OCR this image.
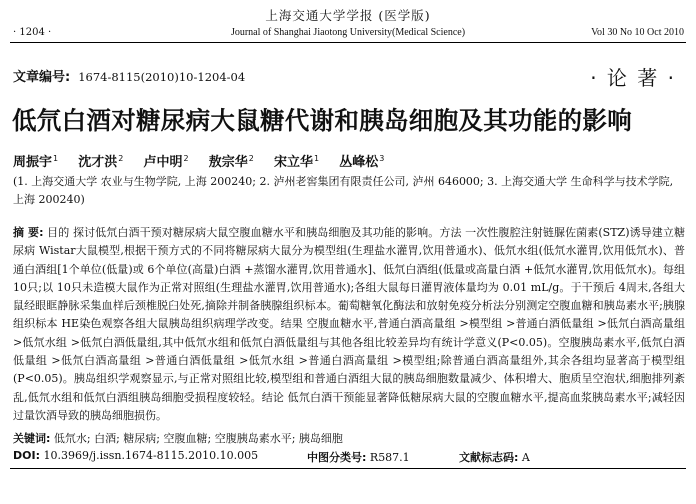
上海交通大学学报 (医学版)
· 1204 ·	Journal of Shanghai Jiaotong University(Medical Science)	Vol 30 No 10 Oct 2010
文章编号: 1674-8115(2010)10-1204-04	· 论 著 ·
低氘白酒对糖尿病大鼠糖代谢和胰岛细胞及其功能的影响
周振宇$^1$ 沈才洪$^2$ 卢中明$^2$ 敖宗华$^2$ 宋立华$^1$ 丛峰松$^3$
(1. 上海交通大学 农业与生物学院, 上海 200240; 2. 泸州老窖集团有限责任公司, 泸州 646000; 3. 上海交通大学 生命科学与技术学院, 上海 200240)
摘 要: 目的 探讨低氘白酒干预对糖尿病大鼠空腹血糖水平和胰岛细胞及其功能的影响。方法 一次性腹腔注射链脲佐菌素(STZ)诱导建立糖尿病 Wistar大鼠模型,根据干预方式的不同将糖尿病大鼠分为模型组(生理盐水灌胃,饮用普通水)、低氘水组(低氘水灌胃,饮用低氘水)、普通白酒组[1个单位(低量)或 6个单位(高量)白酒 +蒸馏水灌胃,饮用普通水]、低氘白酒组(低量或高量白酒 +低氘水灌胃,饮用低氘水)。每组 10只;以 10只未造模大鼠作为正常对照组(生理盐水灌胃,饮用普通水);各组大鼠每日灌胃液体量均为 0.01 mL/g。于干预后 4周末,各组大鼠经眼眶静脉采集血样后颈椎脱臼处死,摘除并制备胰腺组织标本。葡萄糖氧化酶法和放射免疫分析法分别测定空腹血糖和胰岛素水平;胰腺组织标本 HE染色观察各组大鼠胰岛组织病理学改变。结果 空腹血糖水平,普通白酒高量组 >模型组 >普通白酒低量组 >低氘白酒高量组 >低氘水组 >低氘白酒低量组,其中低氘水组和低氘白酒低量组与其他各组比较差异均有统计学意义(P<0.05)。空腹胰岛素水平,低氘白酒低量组 >低氘白酒高量组 >普通白酒低量组 >低氘水组 >普通白酒高量组 >模型组;除普通白酒高量组外,其余各组均显著高于模型组(P<0.05)。胰岛组织学观察显示,与正常对照组比较,模型组和普通白酒组大鼠的胰岛细胞数量减少、体积增大、胞质呈空泡状,细胞排列紊乱,低氘水组和低氘白酒组胰岛细胞受损程度较轻。结论 低氘白酒干预能显著降低糖尿病大鼠的空腹血糖水平,提高血浆胰岛素水平;减轻因过量饮酒导致的胰岛细胞损伤。
关键词: 低氘水; 白酒; 糖尿病; 空腹血糖; 空腹胰岛素水平; 胰岛细胞
DOI: 10.3969/j.issn.1674-8115.2010.10.005	中图分类号: R587.1	文献标志码: A
